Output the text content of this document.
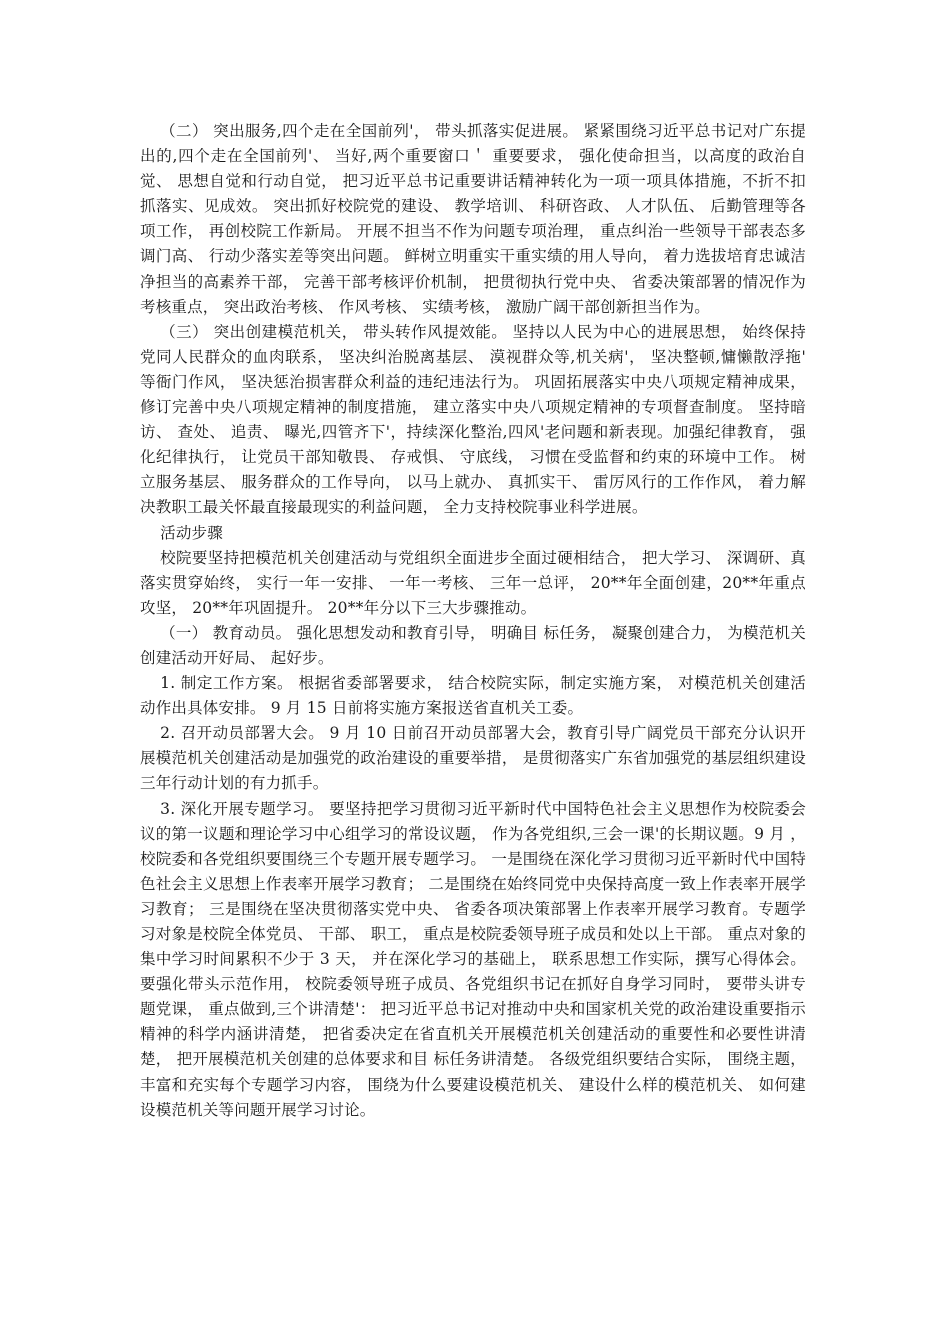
（二） 突出服务,四个走在全国前列'， 带头抓落实促进展。 紧紧围绕习近平总书记对广东提出的,四个走在全国前列'、 当好,两个重要窗口＇ 重要要求， 强化使命担当，以高度的政治自觉、 思想自觉和行动自觉， 把习近平总书记重要讲话精神转化为一项一项具体措施，不折不扣抓落实、见成效。 突出抓好校院党的建设、 教学培训、 科研咨政、 人才队伍、 后勤管理等各项工作， 再创校院工作新局。 开展不担当不作为问题专项治理， 重点纠治一些领导干部表态多调门高、 行动少落实差等突出问题。 鲜树立明重实干重实绩的用人导向， 着力选拔培育忠诚洁净担当的高素养干部， 完善干部考核评价机制， 把贯彻执行党中央、 省委决策部署的情况作为考核重点， 突出政治考核、 作风考核、 实绩考核， 激励广阔干部创新担当作为。

（三） 突出创建模范机关， 带头转作风提效能。 坚持以人民为中心的进展思想， 始终保持党同人民群众的血肉联系， 坚决纠治脱离基层、 漠视群众等,机关病'， 坚决整顿,慵懒散浮拖' 等衙门作风， 坚决惩治损害群众利益的违纪违法行为。 巩固拓展落实中央八项规定精神成果， 修订完善中央八项规定精神的制度措施， 建立落实中央八项规定精神的专项督查制度。 坚持暗访、 查处、 追责、 曝光,四管齐下'，持续深化整治,四风'老问题和新表现。加强纪律教育， 强化纪律执行， 让党员干部知敬畏、 存戒惧、 守底线， 习惯在受监督和约束的环境中工作。 树立服务基层、 服务群众的工作导向， 以马上就办、 真抓实干、 雷厉风行的工作作风， 着力解决教职工最关怀最直接最现实的利益问题， 全力支持校院事业科学进展。

活动步骤

校院要坚持把模范机关创建活动与党组织全面进步全面过硬相结合， 把大学习、 深调研、真落实贯穿始终， 实行一年一安排、 一年一考核、 三年一总评， 20**年全面创建，20**年重点攻坚， 20**年巩固提升。 20**年分以下三大步骤推动。

（一） 教育动员。 强化思想发动和教育引导， 明确目 标任务， 凝聚创建合力， 为模范机关创建活动开好局、 起好步。

1. 制定工作方案。 根据省委部署要求， 结合校院实际，制定实施方案， 对模范机关创建活动作出具体安排。 9 月 15 日前将实施方案报送省直机关工委。

2. 召开动员部署大会。 9 月 10 日前召开动员部署大会，教育引导广阔党员干部充分认识开展模范机关创建活动是加强党的政治建设的重要举措， 是贯彻落实广东省加强党的基层组织建设三年行动计划的有力抓手。

3. 深化开展专题学习。 要坚持把学习贯彻习近平新时代中国特色社会主义思想作为校院委会议的第一议题和理论学习中心组学习的常设议题， 作为各党组织,三会一课'的长期议题。9 月 ， 校院委和各党组织要围绕三个专题开展专题学习。 一是围绕在深化学习贯彻习近平新时代中国特色社会主义思想上作表率开展学习教育； 二是围绕在始终同党中央保持高度一致上作表率开展学习教育； 三是围绕在坚决贯彻落实党中央、 省委各项决策部署上作表率开展学习教育。专题学习对象是校院全体党员、 干部、 职工， 重点是校院委领导班子成员和处以上干部。 重点对象的集中学习时间累积不少于 3 天， 并在深化学习的基础上， 联系思想工作实际，撰写心得体会。 要强化带头示范作用， 校院委领导班子成员、各党组织书记在抓好自身学习同时， 要带头讲专题党课， 重点做到,三个讲清楚'： 把习近平总书记对推动中央和国家机关党的政治建设重要指示精神的科学内涵讲清楚， 把省委决定在省直机关开展模范机关创建活动的重要性和必要性讲清楚， 把开展模范机关创建的总体要求和目 标任务讲清楚。 各级党组织要结合实际， 围绕主题， 丰富和充实每个专题学习内容， 围绕为什么要建设模范机关、 建设什么样的模范机关、 如何建设模范机关等问题开展学习讨论。
